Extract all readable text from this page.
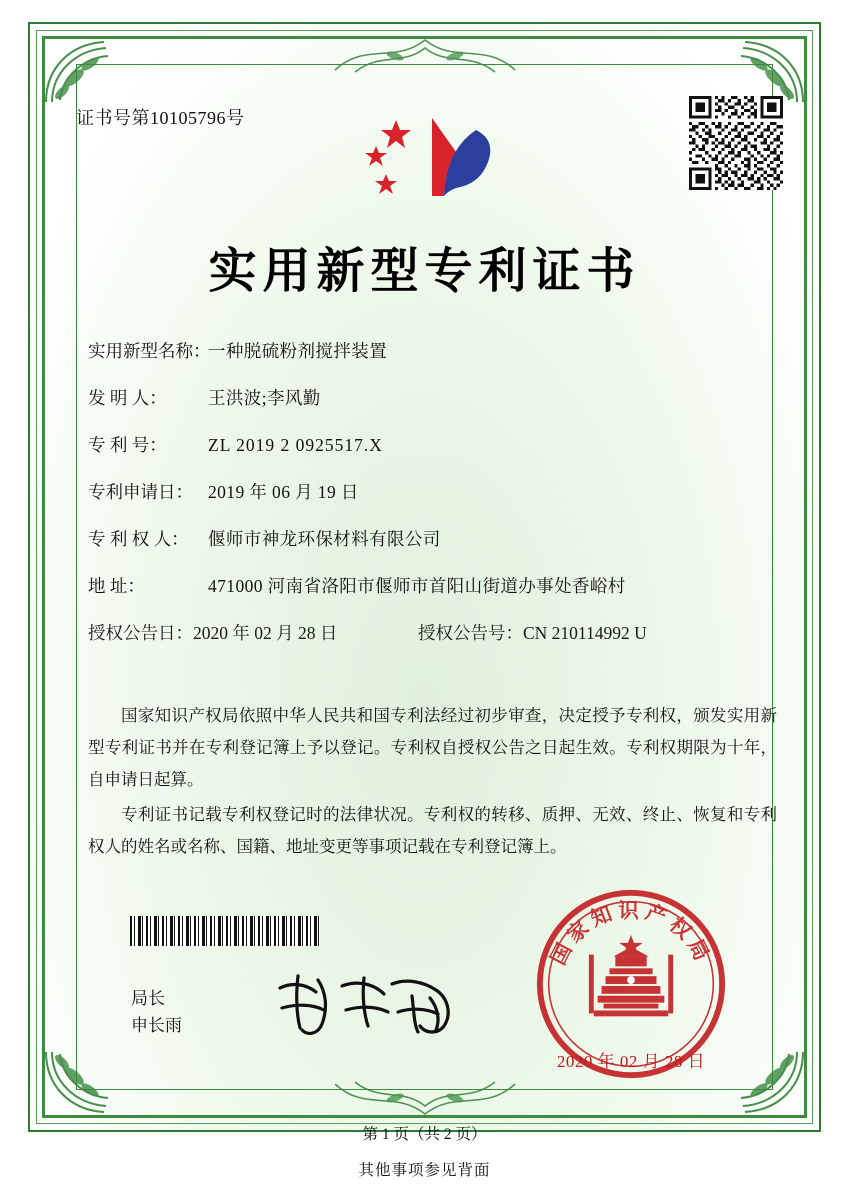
证书号第10105796号
实用新型专利证书
实用新型名称：
一种脱硫粉剂搅拌装置
发 明 人：	王洪波;李风勤
专 利 号：	ZL 2019 2 0925517.X
专利申请日： 2019 年 06 月 19 日
专 利 权 人：	偃师市神龙环保材料有限公司
地 址：	471000 河南省洛阳市偃师市首阳山街道办事处香峪村
授权公告日：2020 年 02 月 28 日	授权公告号：CN 210114992 U

国家知识产权局依照中华人民共和国专利法经过初步审查，决定授予专利权，颁发实用新型专利证书并在专利登记簿上予以登记。专利权自授权公告之日起生效。专利权期限为十年，自申请日起算。

专利证书记载专利权登记时的法律状况。专利权的转移、质押、无效、终止、恢复和专利权人的姓名或名称、国籍、地址变更等事项记载在专利登记簿上。

局长
申长雨
国家知识产权局
2020 年 02 月 28 日
第 1 页（共 2 页）
其他事项参见背面
